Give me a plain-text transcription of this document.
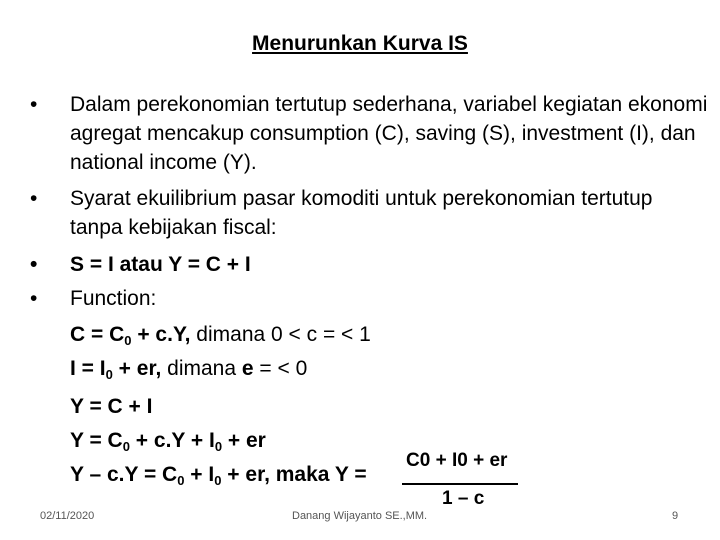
Menurunkan Kurva IS
•	Dalam perekonomian tertutup sederhana, variabel kegiatan ekonomi agregat mencakup consumption (C), saving (S), investment (I), dan national income (Y).
•	Syarat ekuilibrium pasar komoditi untuk perekonomian tertutup tanpa kebijakan fiscal:
•	S = I atau Y = C + I
•	Function:
$C = C_0 + c.Y$, dimana 0 < c = < 1
$I = I_0$ + er, dimana e = < 0
Y = C + I
$Y = C_0 + c.Y + I_0$ + er
$Y - c.Y = C_0 + I_0$ + er, maka Y =
C0 + I0 + er
1 – c
02/11/2020	Danang Wijayanto SE.,MM.	9
